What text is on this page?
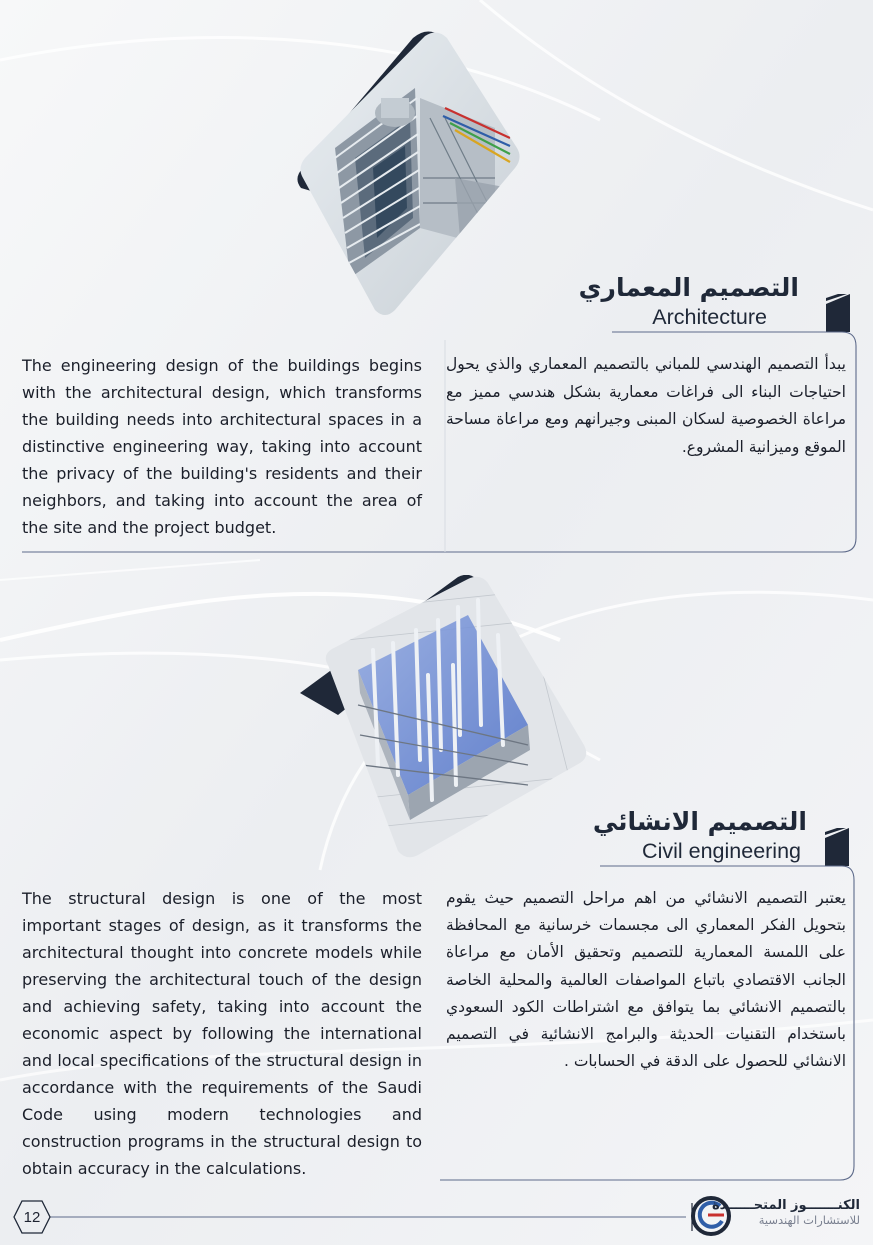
التصميم المعماري
Architecture

The engineering design of the buildings begins with the architectural design, which transforms the building needs into architectural spaces in a distinctive engineering way, taking into account the privacy of the building's residents and their neighbors, and taking into account the area of the site and the project budget.

يبدأ التصميم الهندسي للمباني بالتصميم المعماري والذي يحول احتياجات البناء الى فراغات معمارية بشكل هندسي مميز مع مراعاة الخصوصية لسكان المبنى وجيرانهم ومع مراعاة مساحة الموقع وميزانية المشروع.

التصميم الانشائي
Civil engineering

The structural design is one of the most important stages of design, as it transforms the architectural thought into concrete models while preserving the architectural touch of the design and achieving safety, taking into account the economic aspect by following the international and local specifications of the structural design in accordance with the requirements of the Saudi Code using modern technologies and construction programs in the structural design to obtain accuracy in the calculations.

يعتبر التصميم الانشائي من اهم مراحل التصميم حيث يقوم بتحويل الفكر المعماري الى مجسمات خرسانية مع المحافظة على اللمسة المعمارية للتصميم وتحقيق الأمان مع مراعاة الجانب الاقتصادي باتباع المواصفات العالمية والمحلية الخاصة بالتصميم الانشائي بما يتوافق مع اشتراطات الكود السعودي باستخدام التقنيات الحديثة والبرامج الانشائية في التصميم الانشائي للحصول على الدقة في الحسابات .

12
الكنـــــــوز المتحــــــدة
للاستشارات الهندسية
